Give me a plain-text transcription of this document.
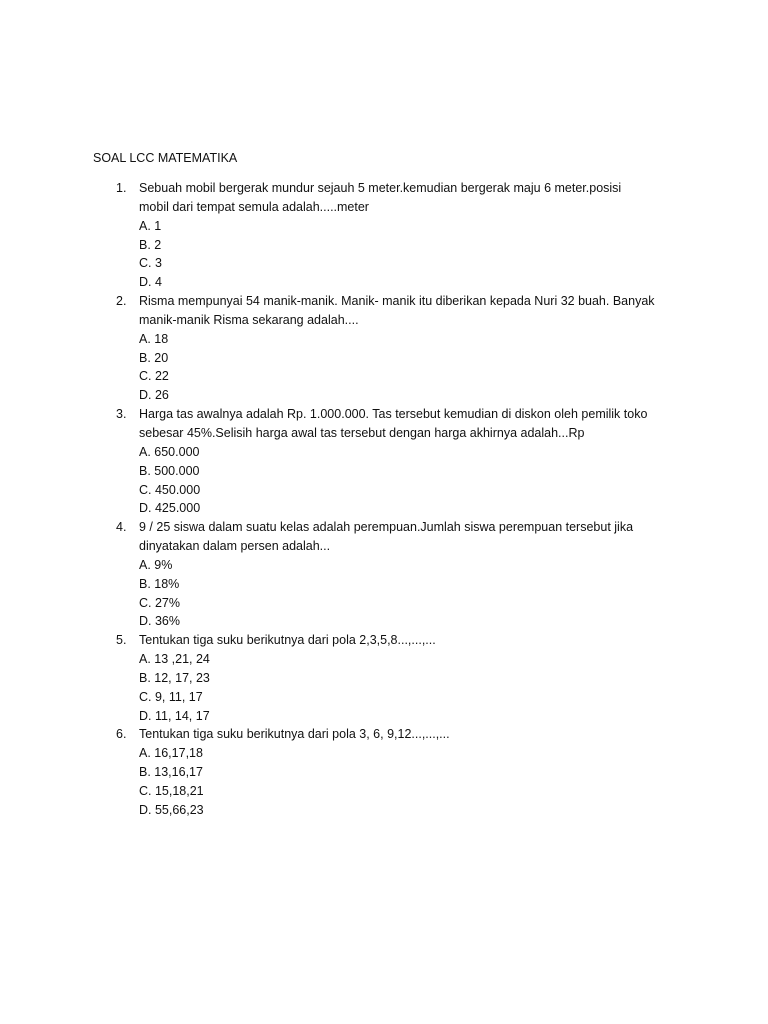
SOAL LCC MATEMATIKA
1. Sebuah mobil bergerak mundur sejauh 5 meter.kemudian bergerak maju 6 meter.posisi
mobil dari tempat semula adalah.....meter
A. 1
B. 2
C. 3
D. 4
2. Risma mempunyai 54 manik-manik. Manik- manik itu diberikan kepada Nuri 32 buah. Banyak
manik-manik Risma sekarang adalah....
A. 18
B. 20
C. 22
D. 26
3. Harga tas awalnya adalah Rp. 1.000.000. Tas tersebut kemudian di diskon oleh pemilik toko
sebesar 45%.Selisih harga awal tas tersebut dengan harga akhirnya adalah...Rp
A. 650.000
B. 500.000
C. 450.000
D. 425.000
4. 9 / 25 siswa dalam suatu kelas adalah perempuan.Jumlah siswa perempuan tersebut jika
dinyatakan dalam persen adalah...
A. 9%
B. 18%
C. 27%
D. 36%
5. Tentukan tiga suku berikutnya dari pola 2,3,5,8...,...,...
A. 13 ,21, 24
B. 12, 17, 23
C. 9, 11, 17
D. 11, 14, 17
6. Tentukan tiga suku berikutnya dari pola 3, 6, 9,12...,...,...
A. 16,17,18
B. 13,16,17
C. 15,18,21
D. 55,66,23
